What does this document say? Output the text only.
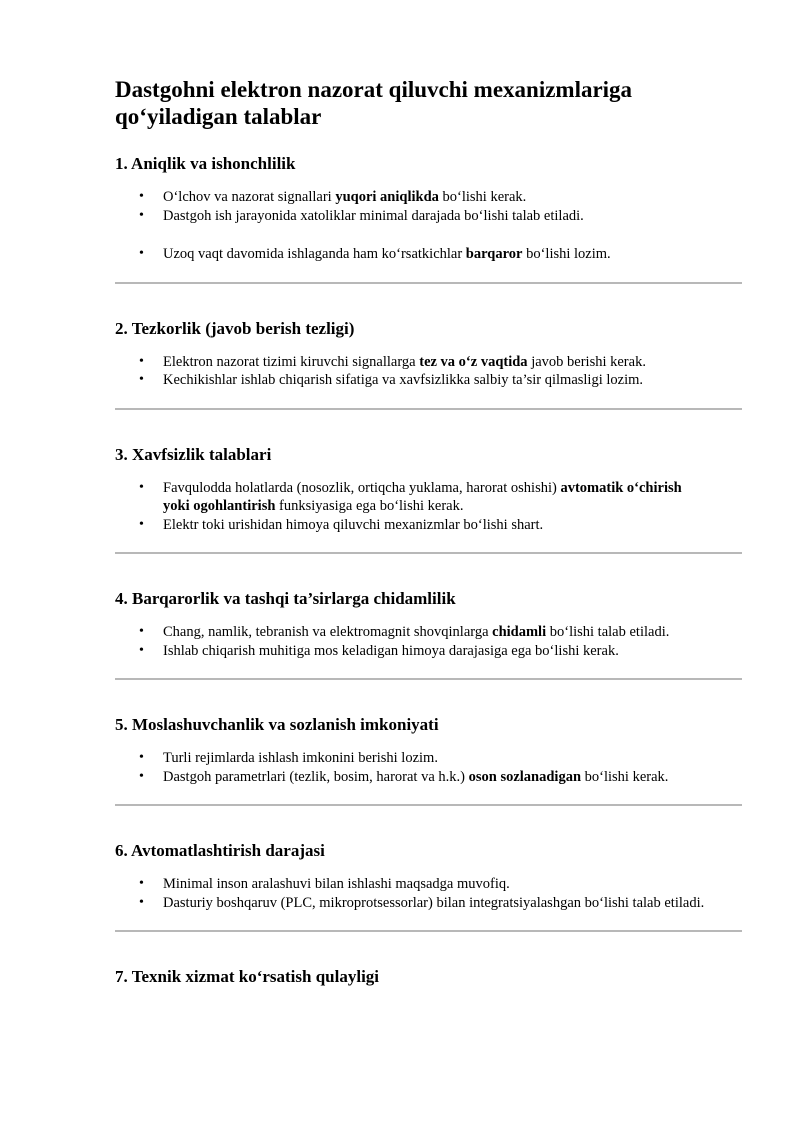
Dastgohni elektron nazorat qiluvchi mexanizmlariga qo‘yiladigan talablar
1. Aniqlik va ishonchlilik
• O‘lchov va nazorat signallari yuqori aniqlikda bo‘lishi kerak.
• Dastgoh ish jarayonida xatoliklar minimal darajada bo‘lishi talab etiladi.
• Uzoq vaqt davomida ishlaganda ham ko‘rsatkichlar barqaror bo‘lishi lozim.
2. Tezkorlik (javob berish tezligi)
• Elektron nazorat tizimi kiruvchi signallarga tez va o‘z vaqtida javob berishi kerak.
• Kechikishlar ishlab chiqarish sifatiga va xavfsizlikka salbiy ta’sir qilmasligi lozim.
3. Xavfsizlik talablari
• Favqulodda holatlarda (nosozlik, ortiqcha yuklama, harorat oshishi) avtomatik o‘chirish yoki ogohlantirish funksiyasiga ega bo‘lishi kerak.
• Elektr toki urishidan himoya qiluvchi mexanizmlar bo‘lishi shart.
4. Barqarorlik va tashqi ta’sirlarga chidamlilik
• Chang, namlik, tebranish va elektromagnit shovqinlarga chidamli bo‘lishi talab etiladi.
• Ishlab chiqarish muhitiga mos keladigan himoya darajasiga ega bo‘lishi kerak.
5. Moslashuvchanlik va sozlanish imkoniyati
• Turli rejimlarda ishlash imkonini berishi lozim.
• Dastgoh parametrlari (tezlik, bosim, harorat va h.k.) oson sozlanadigan bo‘lishi kerak.
6. Avtomatlashtirish darajasi
• Minimal inson aralashuvi bilan ishlashi maqsadga muvofiq.
• Dasturiy boshqaruv (PLC, mikroprotsessorlar) bilan integratsiyalashgan bo‘lishi talab etiladi.
7. Texnik xizmat ko‘rsatish qulayligi
